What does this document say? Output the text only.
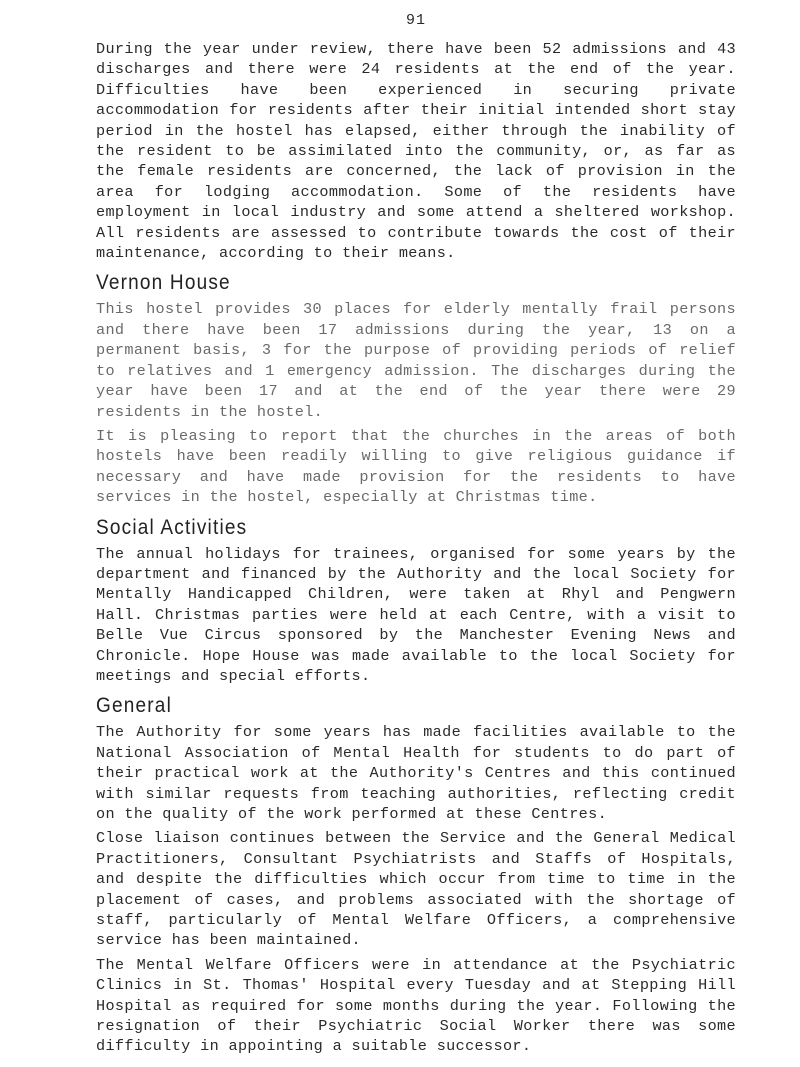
91

During the year under review, there have been 52 admissions and 43 discharges and there were 24 residents at the end of the year. Difficulties have been experienced in securing private accommodation for residents after their initial intended short stay period in the hostel has elapsed, either through the inability of the resident to be assimilated into the community, or, as far as the female residents are concerned, the lack of provision in the area for lodging accommodation. Some of the residents have employment in local industry and some attend a sheltered workshop. All residents are assessed to contribute towards the cost of their maintenance, according to their means.

Vernon House

This hostel provides 30 places for elderly mentally frail persons and there have been 17 admissions during the year, 13 on a permanent basis, 3 for the purpose of providing periods of relief to relatives and 1 emergency admission. The discharges during the year have been 17 and at the end of the year there were 29 residents in the hostel.

It is pleasing to report that the churches in the areas of both hostels have been readily willing to give religious guidance if necessary and have made provision for the residents to have services in the hostel, especially at Christmas time.

Social Activities

The annual holidays for trainees, organised for some years by the department and financed by the Authority and the local Society for Mentally Handicapped Children, were taken at Rhyl and Pengwern Hall. Christmas parties were held at each Centre, with a visit to Belle Vue Circus sponsored by the Manchester Evening News and Chronicle. Hope House was made available to the local Society for meetings and special efforts.

General

The Authority for some years has made facilities available to the National Association of Mental Health for students to do part of their practical work at the Authority's Centres and this continued with similar requests from teaching authorities, reflecting credit on the quality of the work performed at these Centres.

Close liaison continues between the Service and the General Medical Practitioners, Consultant Psychiatrists and Staffs of Hospitals, and despite the difficulties which occur from time to time in the placement of cases, and problems associated with the shortage of staff, particularly of Mental Welfare Officers, a comprehensive service has been maintained.

The Mental Welfare Officers were in attendance at the Psychiatric Clinics in St. Thomas' Hospital every Tuesday and at Stepping Hill Hospital as required for some months during the year. Following the resignation of their Psychiatric Social Worker there was some difficulty in appointing a suitable successor.
